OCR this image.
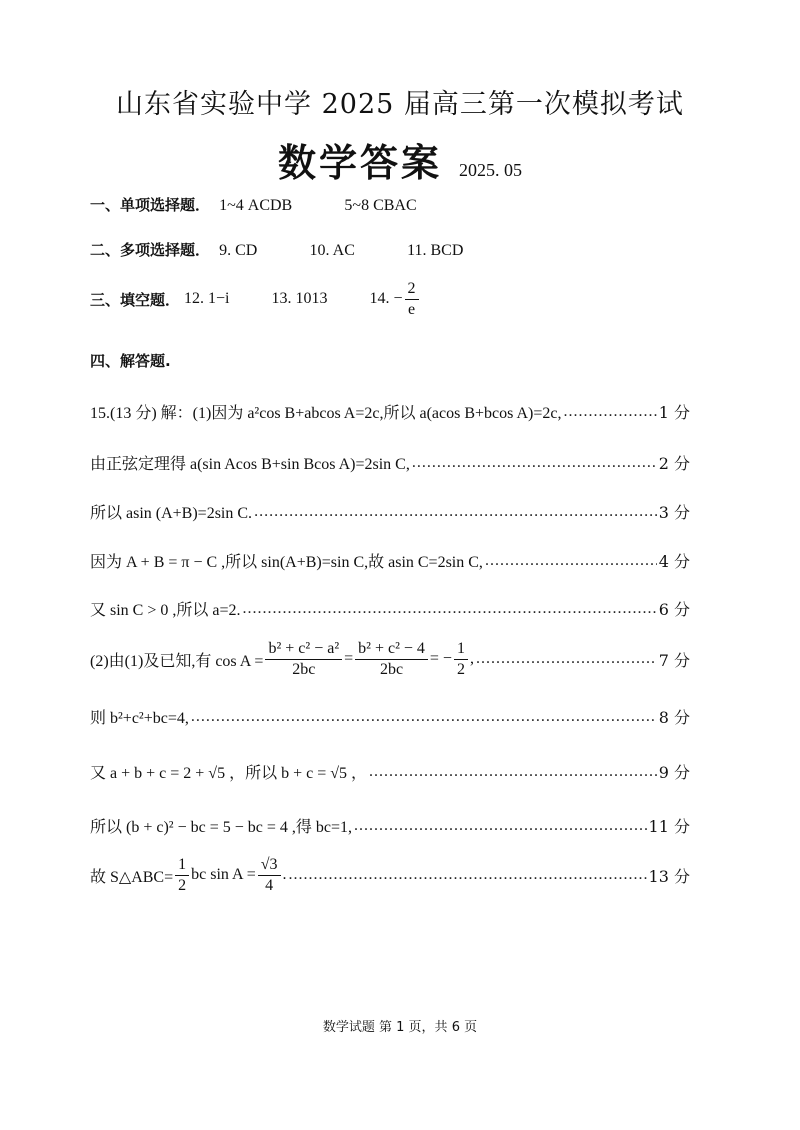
山东省实验中学 2025 届高三第一次模拟考试
数学答案 2025. 05
一、单项选择题． 1~4 ACDB	5~8 CBAC
二、多项选择题． 9. CD	10. AC	11. BCD
三、填空题． 12. 1−i	13. 1013	14. − $\frac{2}{e}$
四、解答题.
15.(13 分) 解：(1)因为 a²cos B+abcos A=2c,所以 a(acos B+bcos A)=2c, .....	1 分
由正弦定理得 a(sin Acos B+sin Bcos A)=2sin C, .....	2 分
所以 asin (A+B)=2sin C. .....	3 分
因为 A + B = π − C ,所以 sin(A+B)=sin C,故 asin C=2sin C, .....	4 分
又 sin C > 0 ,所以 a=2. .....	6 分
(2)由(1)及已知,有 $\cos A = \frac{\text{b² + c² − a²}}{2bc} = \frac{\text{b² + c² − 4}}{2bc}$ = − $\frac{1}{2}$ , .....	7 分
则 b²+c²+bc=4, .....	8 分
又 a + b + c = 2 + √5 ，所以 b + c = √5 ， .....	9 分
所以 (b + c)² − bc = 5 − bc = 4 ,得 bc=1, .....	11 分
故 S△ABC= $\frac{1}{2}$ bc $\sin A = \frac{√3}{4}$ . .....	13 分
数学试题 第 1 页，共 6 页
